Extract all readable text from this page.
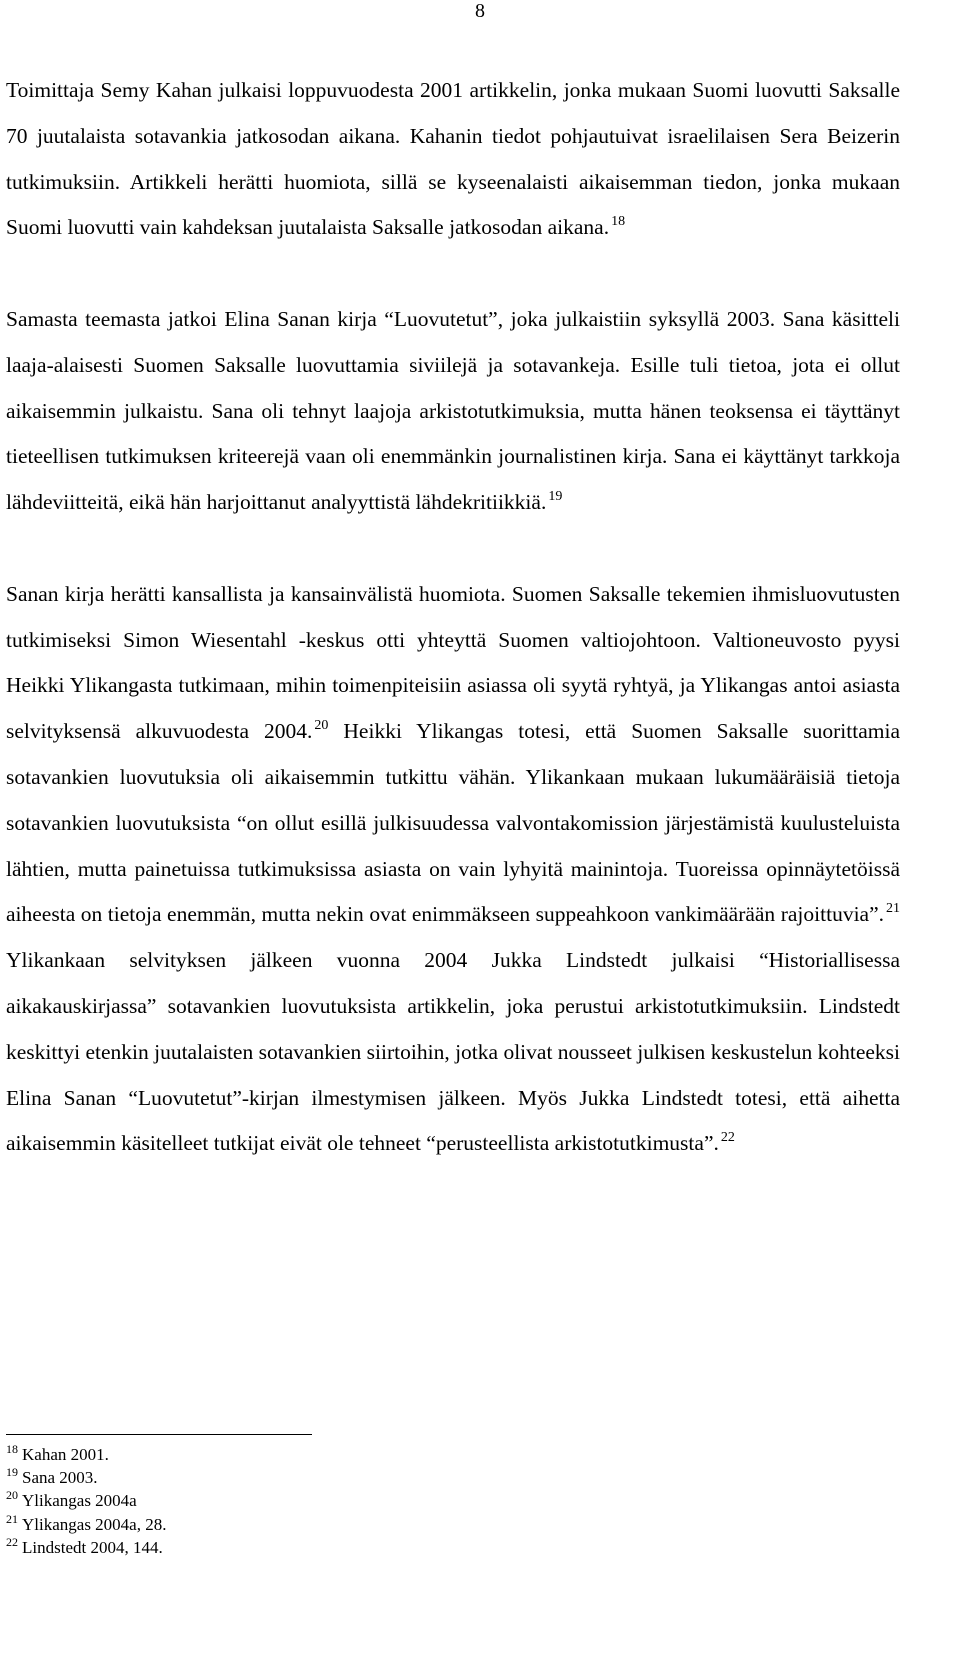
8

Toimittaja Semy Kahan julkaisi loppuvuodesta 2001 artikkelin, jonka mukaan Suomi luovutti Saksalle 70 juutalaista sotavankia jatkosodan aikana. Kahanin tiedot pohjautuivat israelilaisen Sera Beizerin tutkimuksiin. Artikkeli herätti huomiota, sillä se kyseenalaisti aikaisemman tiedon, jonka mukaan Suomi luovutti vain kahdeksan juutalaista Saksalle jatkosodan aikana. $^{18}$

Samasta teemasta jatkoi Elina Sanan kirja “Luovutetut”, joka julkaistiin syksyllä 2003. Sana käsitteli laaja-alaisesti Suomen Saksalle luovuttamia siviilejä ja sotavankeja. Esille tuli tietoa, jota ei ollut aikaisemmin julkaistu. Sana oli tehnyt laajoja arkistotutkimuksia, mutta hänen teoksensa ei täyttänyt tieteellisen tutkimuksen kriteerejä vaan oli enemmänkin journalistinen kirja. Sana ei käyttänyt tarkkoja lähdeviitteitä, eikä hän harjoittanut analyyttistä lähdekritiikkiä. $^{19}$

Sanan kirja herätti kansallista ja kansainvälistä huomiota. Suomen Saksalle tekemien ihmisluovutusten tutkimiseksi Simon Wiesentahl -keskus otti yhteyttä Suomen valtiojohtoon. Valtioneuvosto pyysi Heikki Ylikangasta tutkimaan, mihin toimenpiteisiin asiassa oli syytä ryhtyä, ja Ylikangas antoi asiasta selvityksensä alkuvuodesta 2004. $^{20}$ Heikki Ylikangas totesi, että Suomen Saksalle suorittamia sotavankien luovutuksia oli aikaisemmin tutkittu vähän. Ylikankaan mukaan lukumääräisiä tietoja sotavankien luovutuksista “on ollut esillä julkisuudessa valvontakomission järjestämistä kuulusteluista lähtien, mutta painetuissa tutkimuksissa asiasta on vain lyhyitä mainintoja. Tuoreissa opinnäytetöissä aiheesta on tietoja enemmän, mutta nekin ovat enimmäkseen suppeahkoon vankimäärään rajoittuvia”. $^{21}$ Ylikankaan selvityksen jälkeen vuonna 2004 Jukka Lindstedt julkaisi “Historiallisessa aikakauskirjassa” sotavankien luovutuksista artikkelin, joka perustui arkistotutkimuksiin. Lindstedt keskittyi etenkin juutalaisten sotavankien siirtoihin, jotka olivat nousseet julkisen keskustelun kohteeksi Elina Sanan “Luovutetut”-kirjan ilmestymisen jälkeen. Myös Jukka Lindstedt totesi, että aihetta aikaisemmin käsitelleet tutkijat eivät ole tehneet “perusteellista arkistotutkimusta”. $^{22}$

$^{18}$ Kahan 2001.
$^{19}$ Sana 2003.
$^{20}$ Ylikangas 2004a
$^{21}$ Ylikangas 2004a, 28.
$^{22}$ Lindstedt 2004, 144.
